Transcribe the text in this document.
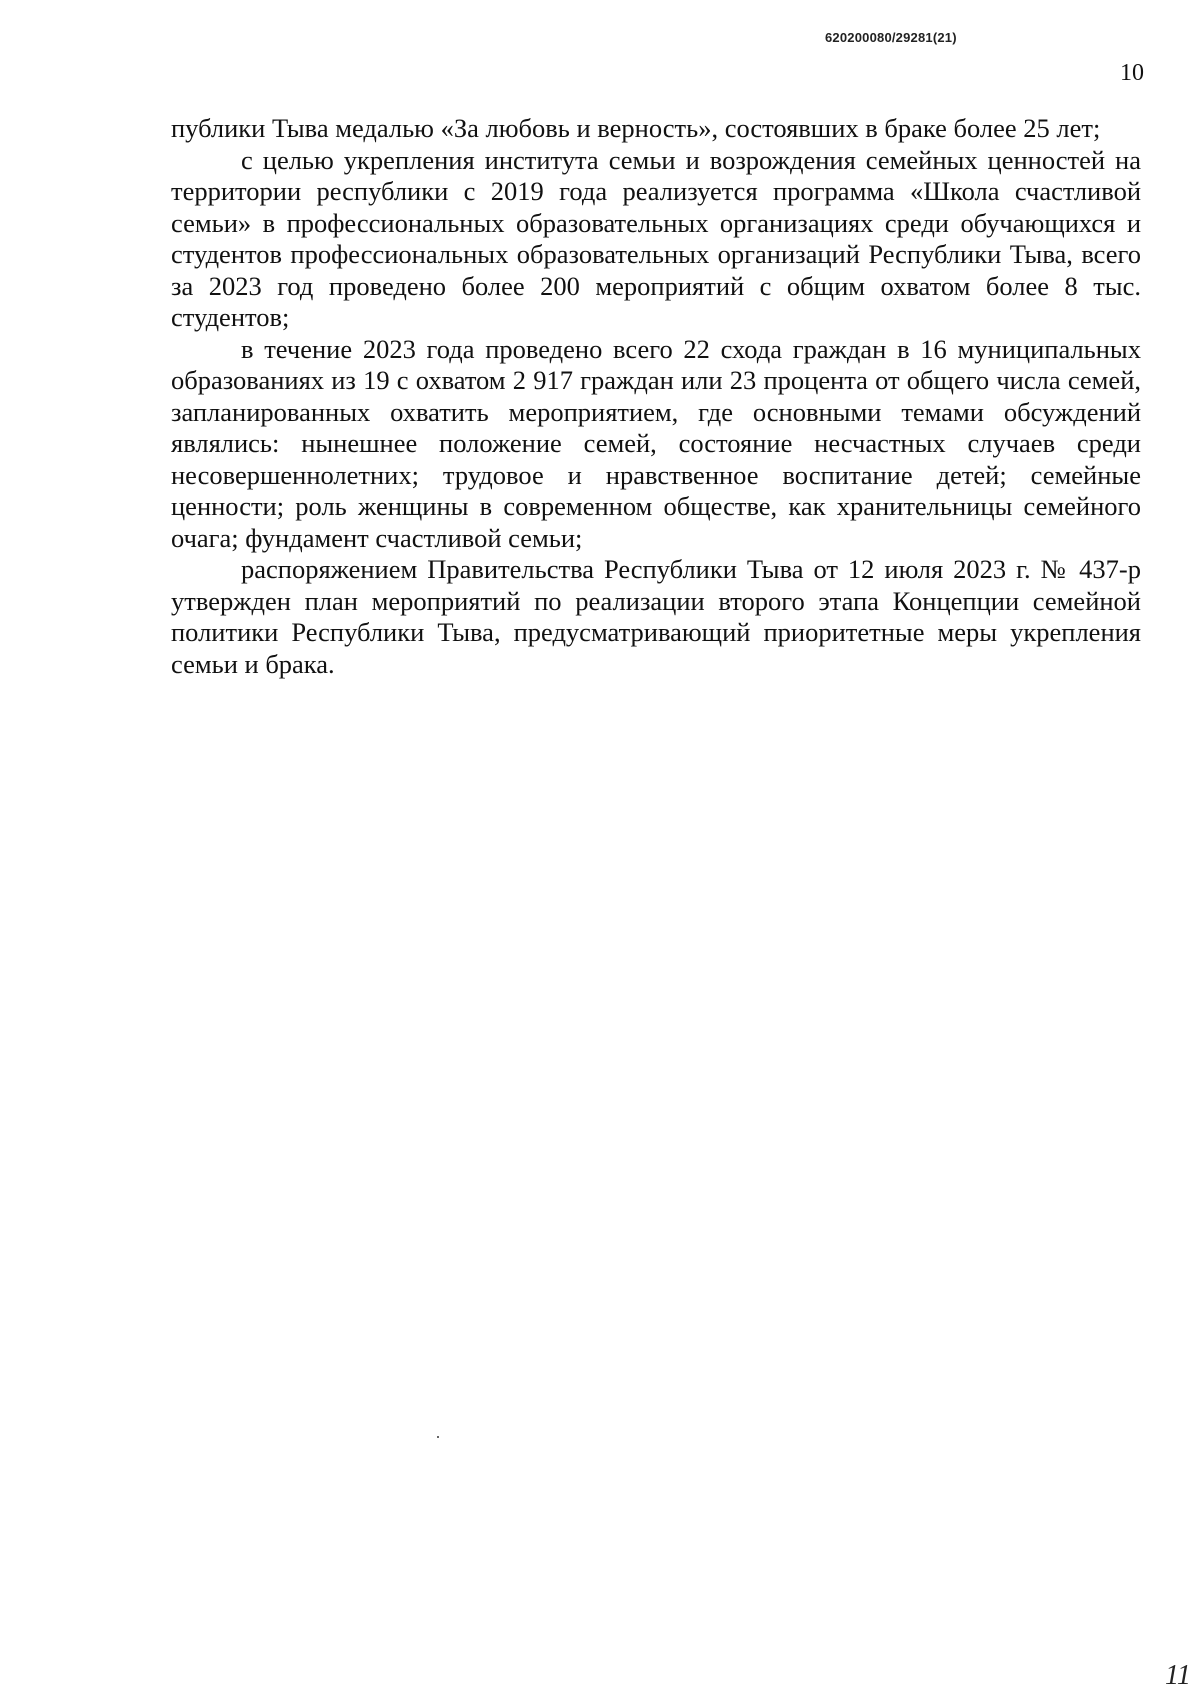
620200080/29281(21)
10

публики Тыва медалью «За любовь и верность», состоявших в браке более 25 лет;

с целью укрепления института семьи и возрождения семейных ценностей на территории республики с 2019 года реализуется программа «Школа счастливой семьи» в профессиональных образовательных организациях среди обучающихся и студентов профессиональных образовательных организаций Республики Тыва, всего за 2023 год проведено более 200 мероприятий с общим охватом более 8 тыс. студентов;

в течение 2023 года проведено всего 22 схода граждан в 16 муниципальных образованиях из 19 с охватом 2 917 граждан или 23 процента от общего числа семей, запланированных охватить мероприятием, где основными темами обсуждений являлись: нынешнее положение семей, состояние несчастных случаев среди несовершеннолетних; трудовое и нравственное воспитание детей; семейные ценности; роль женщины в современном обществе, как хранительницы семейного очага; фундамент счастливой семьи;

распоряжением Правительства Республики Тыва от 12 июля 2023 г. № 437-р утвержден план мероприятий по реализации второго этапа Концепции семейной политики Республики Тыва, предусматривающий приоритетные меры укрепления семьи и брака.

11
